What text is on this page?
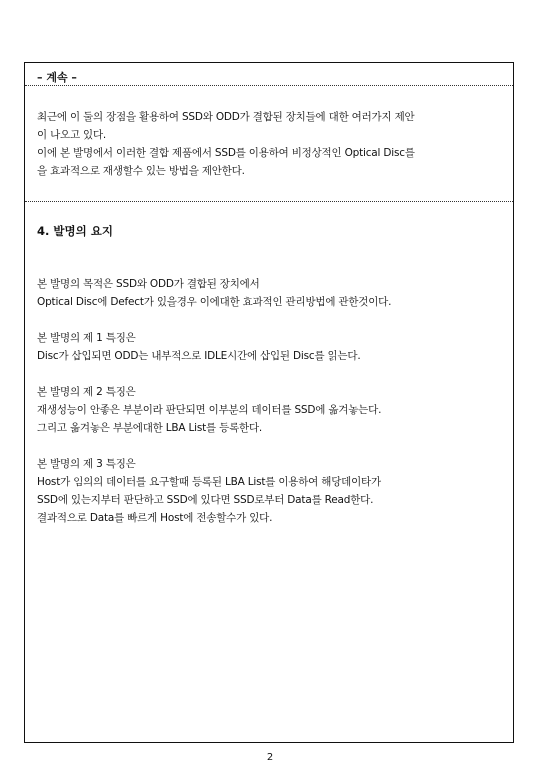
– 계속 –

최근에 이 둘의 장점을 활용하여 SSD와 ODD가 결합된 장치들에 대한 여러가지 제안

이 나오고 있다.

이에 본 발명에서 이러한 결합 제품에서 SSD를 이용하여 비정상적인 Optical Disc를

을 효과적으로 재생할수 있는 방법을 제안한다.

4. 발명의 요지

본 발명의 목적은 SSD와 ODD가 결합된 장치에서

Optical Disc에 Defect가 있을경우 이에대한 효과적인 관리방법에 관한것이다.

본 발명의 제 1 특징은

Disc가 삽입되면 ODD는 내부적으로 IDLE시간에 삽입된 Disc를 읽는다.

본 발명의 제 2 특징은

재생성능이 안좋은 부분이라 판단되면 이부분의 데이터를 SSD에 옮겨놓는다.

그리고 옮겨놓은 부분에대한 LBA List를 등록한다.

본 발명의 제 3 특징은

Host가 임의의 데이터를 요구할때 등록된 LBA List를 이용하여 해당데이타가

SSD에 있는지부터 판단하고 SSD에 있다면 SSD로부터 Data를 Read한다.

결과적으로 Data를 빠르게 Host에 전송할수가 있다.

2
